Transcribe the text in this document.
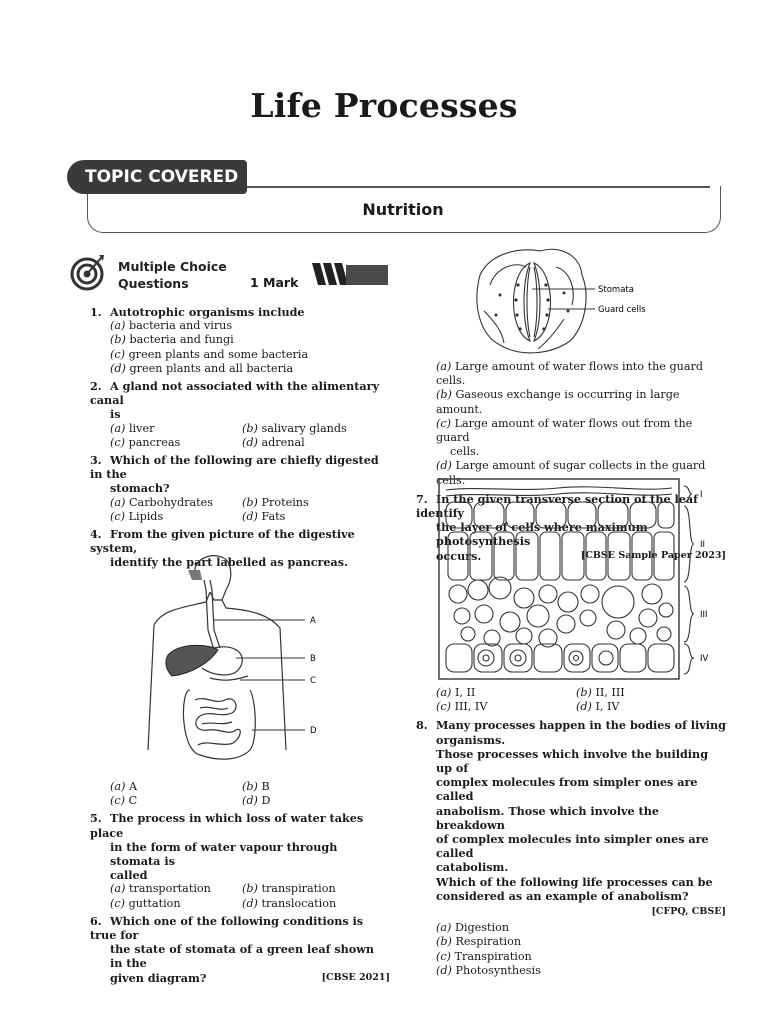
Life Processes
TOPIC COVERED
Nutrition
Multiple Choice
Questions	1 Mark
1. Autotrophic organisms include
(a) bacteria and virus
(b) bacteria and fungi
(c) green plants and some bacteria
(d) green plants and all bacteria
2. A gland not associated with the alimentary canal
is
(a) liver	(b) salivary glands
(c) pancreas	(d) adrenal
3. Which of the following are chiefly digested in the
stomach?
(a) Carbohydrates	(b) Proteins
(c) Lipids	(d) Fats
4. From the given picture of the digestive system,
identify the part labelled as pancreas.
A
B
C
D
(a) A	(b) B
(c) C	(d) D
5. The process in which loss of water takes place
in the form of water vapour through stomata is
called
(a) transportation	(b) transpiration
(c) guttation	(d) translocation
6. Which one of the following conditions is true for
the state of stomata of a green leaf shown in the
given diagram?	[CBSE 2021]
Stomata
Guard cells
(a) Large amount of water flows into the guard cells.
(b) Gaseous exchange is occurring in large amount.
(c) Large amount of water flows out from the guard
cells.
(d) Large amount of sugar collects in the guard cells.
7. In the given transverse section of the leaf identify
the layer of cells where maximum photosynthesis
occurs.	[CBSE Sample Paper 2023]
I
II
III
IV
(a) I, II	(b) II, III
(c) III, IV	(d) I, IV
8. Many processes happen in the bodies of living
organisms.
Those processes which involve the building up of
complex molecules from simpler ones are called
anabolism. Those which involve the breakdown
of complex molecules into simpler ones are called
catabolism.
Which of the following life processes can be
considered as an example of anabolism?
[CFPQ, CBSE]
(a) Digestion
(b) Respiration
(c) Transpiration
(d) Photosynthesis
